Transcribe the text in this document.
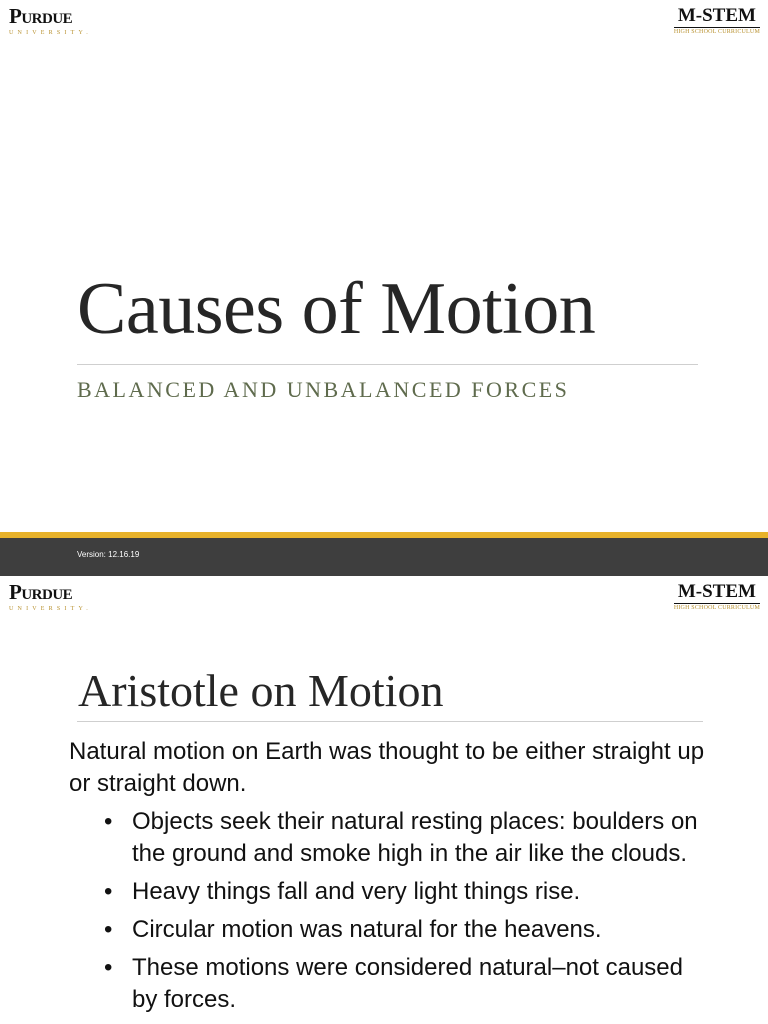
Purdue
UNIVERSITY.
M-STEM
HIGH SCHOOL CURRICULUM
Causes of Motion

BALANCED AND UNBALANCED FORCES

Version: 12.16.19
Purdue
UNIVERSITY.
M-STEM
HIGH SCHOOL CURRICULUM
Aristotle on Motion

Natural motion on Earth was thought to be either straight up or straight down.

• Objects seek their natural resting places: boulders on the ground and smoke high in the air like the clouds.
• Heavy things fall and very light things rise.
• Circular motion was natural for the heavens.
• These motions were considered natural–not caused by forces.
